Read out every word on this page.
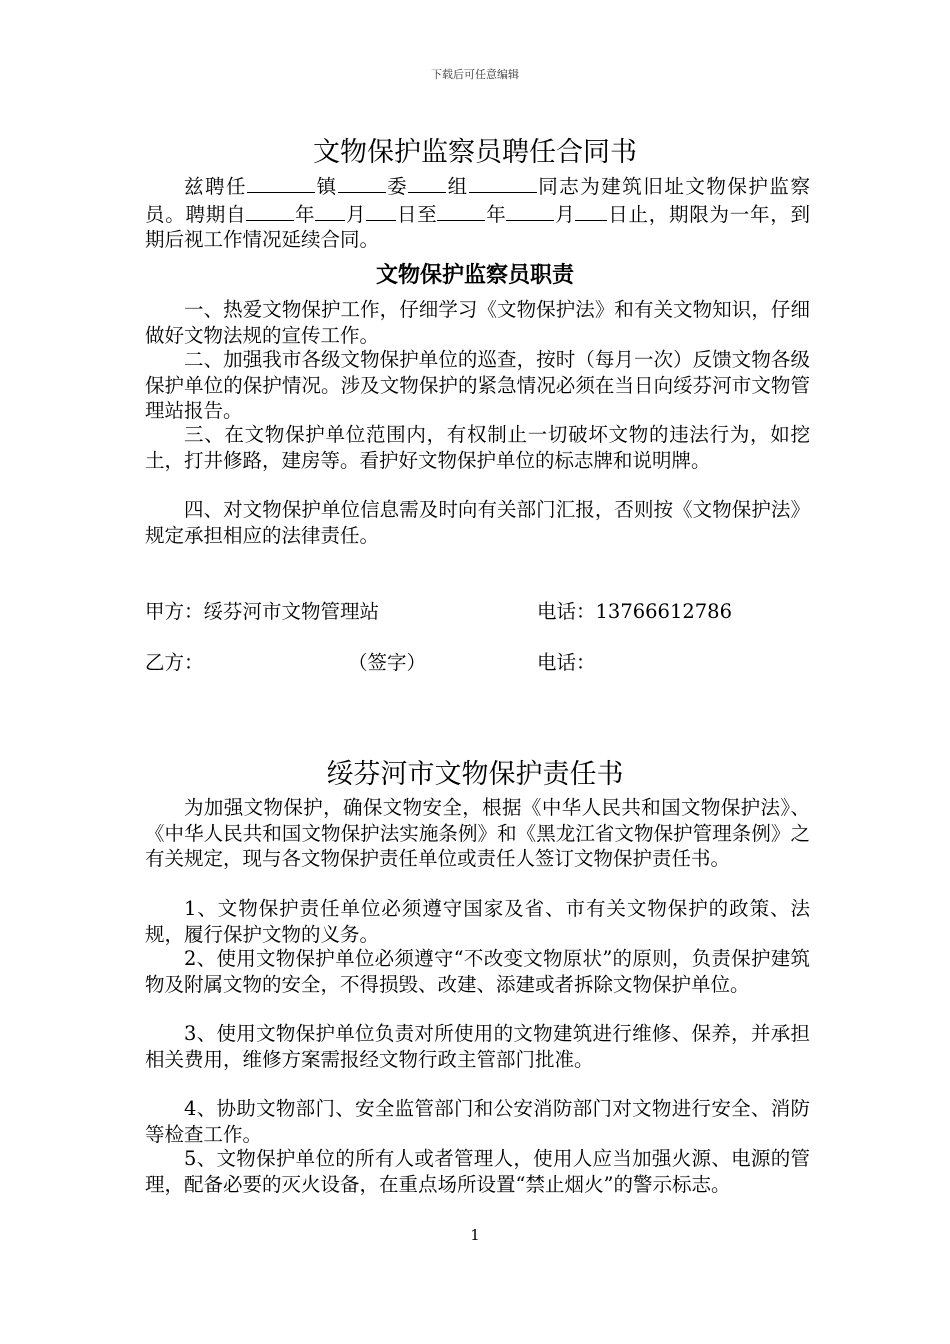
下载后可任意编辑
文物保护监察员聘任合同书

兹聘任	镇 委 组	同志为建筑旧址文物保护监察员。聘期自 年 月 日至 年 月 日止，期限为一年，到期后视工作情况延续合同。

文物保护监察员职责

一、热爱文物保护工作，仔细学习《文物保护法》和有关文物知识，仔细做好文物法规的宣传工作。

二、加强我市各级文物保护单位的巡查，按时（每月一次）反馈文物各级保护单位的保护情况。涉及文物保护的紧急情况必须在当日向绥芬河市文物管理站报告。

三、在文物保护单位范围内，有权制止一切破坏文物的违法行为，如挖土，打井修路，建房等。看护好文物保护单位的标志牌和说明牌。

四、对文物保护单位信息需及时向有关部门汇报，否则按《文物保护法》规定承担相应的法律责任。

甲方：绥芬河市文物管理站	电话：13766612786
乙方：	（签字）	电话：
绥芬河市文物保护责任书

为加强文物保护，确保文物安全，根据《中华人民共和国文物保护法》、《中华人民共和国文物保护法实施条例》和《黑龙江省文物保护管理条例》之有关规定，现与各文物保护责任单位或责任人签订文物保护责任书。

1、文物保护责任单位必须遵守国家及省、市有关文物保护的政策、法规，履行保护文物的义务。

2、使用文物保护单位必须遵守“不改变文物原状”的原则，负责保护建筑物及附属文物的安全，不得损毁、改建、添建或者拆除文物保护单位。

3、使用文物保护单位负责对所使用的文物建筑进行维修、保养，并承担相关费用，维修方案需报经文物行政主管部门批准。

4、协助文物部门、安全监管部门和公安消防部门对文物进行安全、消防等检查工作。

5、文物保护单位的所有人或者管理人，使用人应当加强火源、电源的管理，配备必要的灭火设备，在重点场所设置“禁止烟火”的警示标志。

1
